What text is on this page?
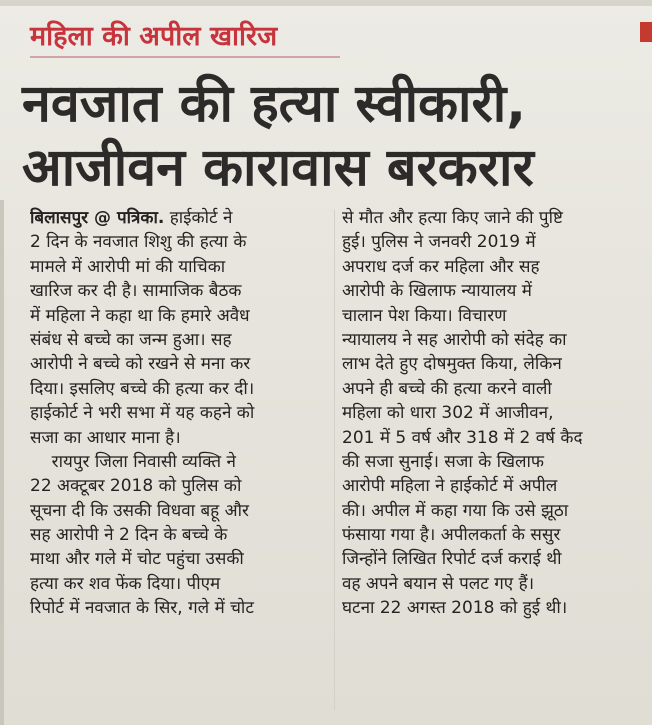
महिला की अपील खारिज
नवजात की हत्या स्वीकारी,
आजीवन कारावास बरकरार
बिलासपुर @ पत्रिका. हाईकोर्ट ने
2 दिन के नवजात शिशु की हत्या के
मामले में आरोपी मां की याचिका
खारिज कर दी है। सामाजिक बैठक
में महिला ने कहा था कि हमारे अवैध
संबंध से बच्चे का जन्म हुआ। सह
आरोपी ने बच्चे को रखने से मना कर
दिया। इसलिए बच्चे की हत्या कर दी।
हाईकोर्ट ने भरी सभा में यह कहने को
सजा का आधार माना है।
रायपुर जिला निवासी व्यक्ति ने
22 अक्टूबर 2018 को पुलिस को
सूचना दी कि उसकी विधवा बहू और
सह आरोपी ने 2 दिन के बच्चे के
माथा और गले में चोट पहुंचा उसकी
हत्या कर शव फेंक दिया। पीएम
रिपोर्ट में नवजात के सिर, गले में चोट
से मौत और हत्या किए जाने की पुष्टि
हुई। पुलिस ने जनवरी 2019 में
अपराध दर्ज कर महिला और सह
आरोपी के खिलाफ न्यायालय में
चालान पेश किया। विचारण
न्यायालय ने सह आरोपी को संदेह का
लाभ देते हुए दोषमुक्त किया, लेकिन
अपने ही बच्चे की हत्या करने वाली
महिला को धारा 302 में आजीवन,
201 में 5 वर्ष और 318 में 2 वर्ष कैद
की सजा सुनाई। सजा के खिलाफ
आरोपी महिला ने हाईकोर्ट में अपील
की। अपील में कहा गया कि उसे झूठा
फंसाया गया है। अपीलकर्ता के ससुर
जिन्होंने लिखित रिपोर्ट दर्ज कराई थी
वह अपने बयान से पलट गए हैं।
घटना 22 अगस्त 2018 को हुई थी।
